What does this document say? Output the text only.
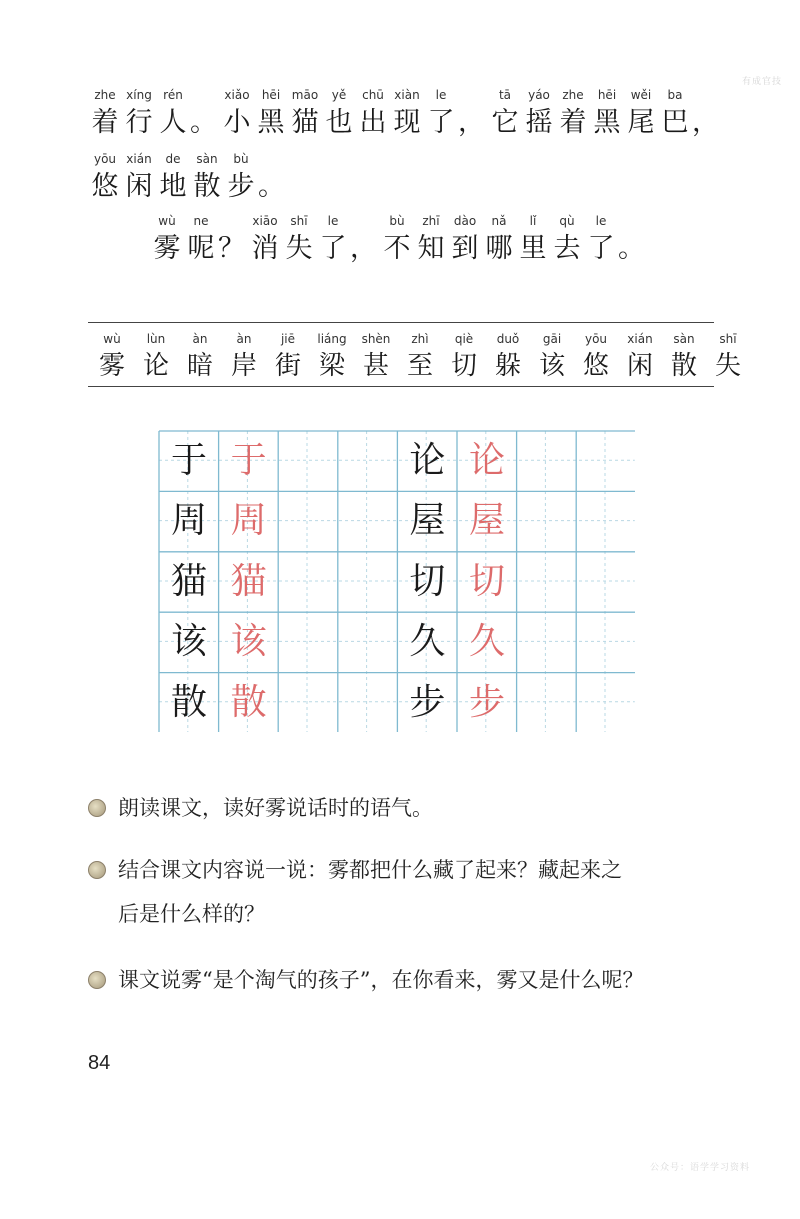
有成官技
zhe
着
xíng
行
rén
人 。
xiǎo
小
hēi
黑
māo
猫
yě
也
chū
出
xiàn
现
le
了 ，
tā
它
yáo
摇
zhe
着
hēi
黑
wěi
尾
ba
巴 ，
yōu
悠
xián
闲
de
地
sàn
散
bù
步 。
wù
雾
ne
呢 ？
xiāo
消
shī
失
le
了 ，
bù
不
zhī
知
dào
到
nǎ
哪
lǐ
里
qù
去
le
了 。
wù
雾
lùn
论
àn
暗
àn
岸
jiē
街
liáng
梁
shèn
甚
zhì
至
qiè
切
duǒ
躲
gāi
该
yōu
悠
xián
闲
sàn
散
shī
失
于 于
周 周
猫 猫
该 该
散 散
论 论
屋 屋
切 切
久 久
步 步
朗读课文，读好雾说话时的语气。
结合课文内容说一说：雾都把什么藏了起来？藏起来之
后是什么样的？
课文说雾“是个淘气的孩子”，在你看来，雾又是什么呢？
84
公众号：语学学习资料
